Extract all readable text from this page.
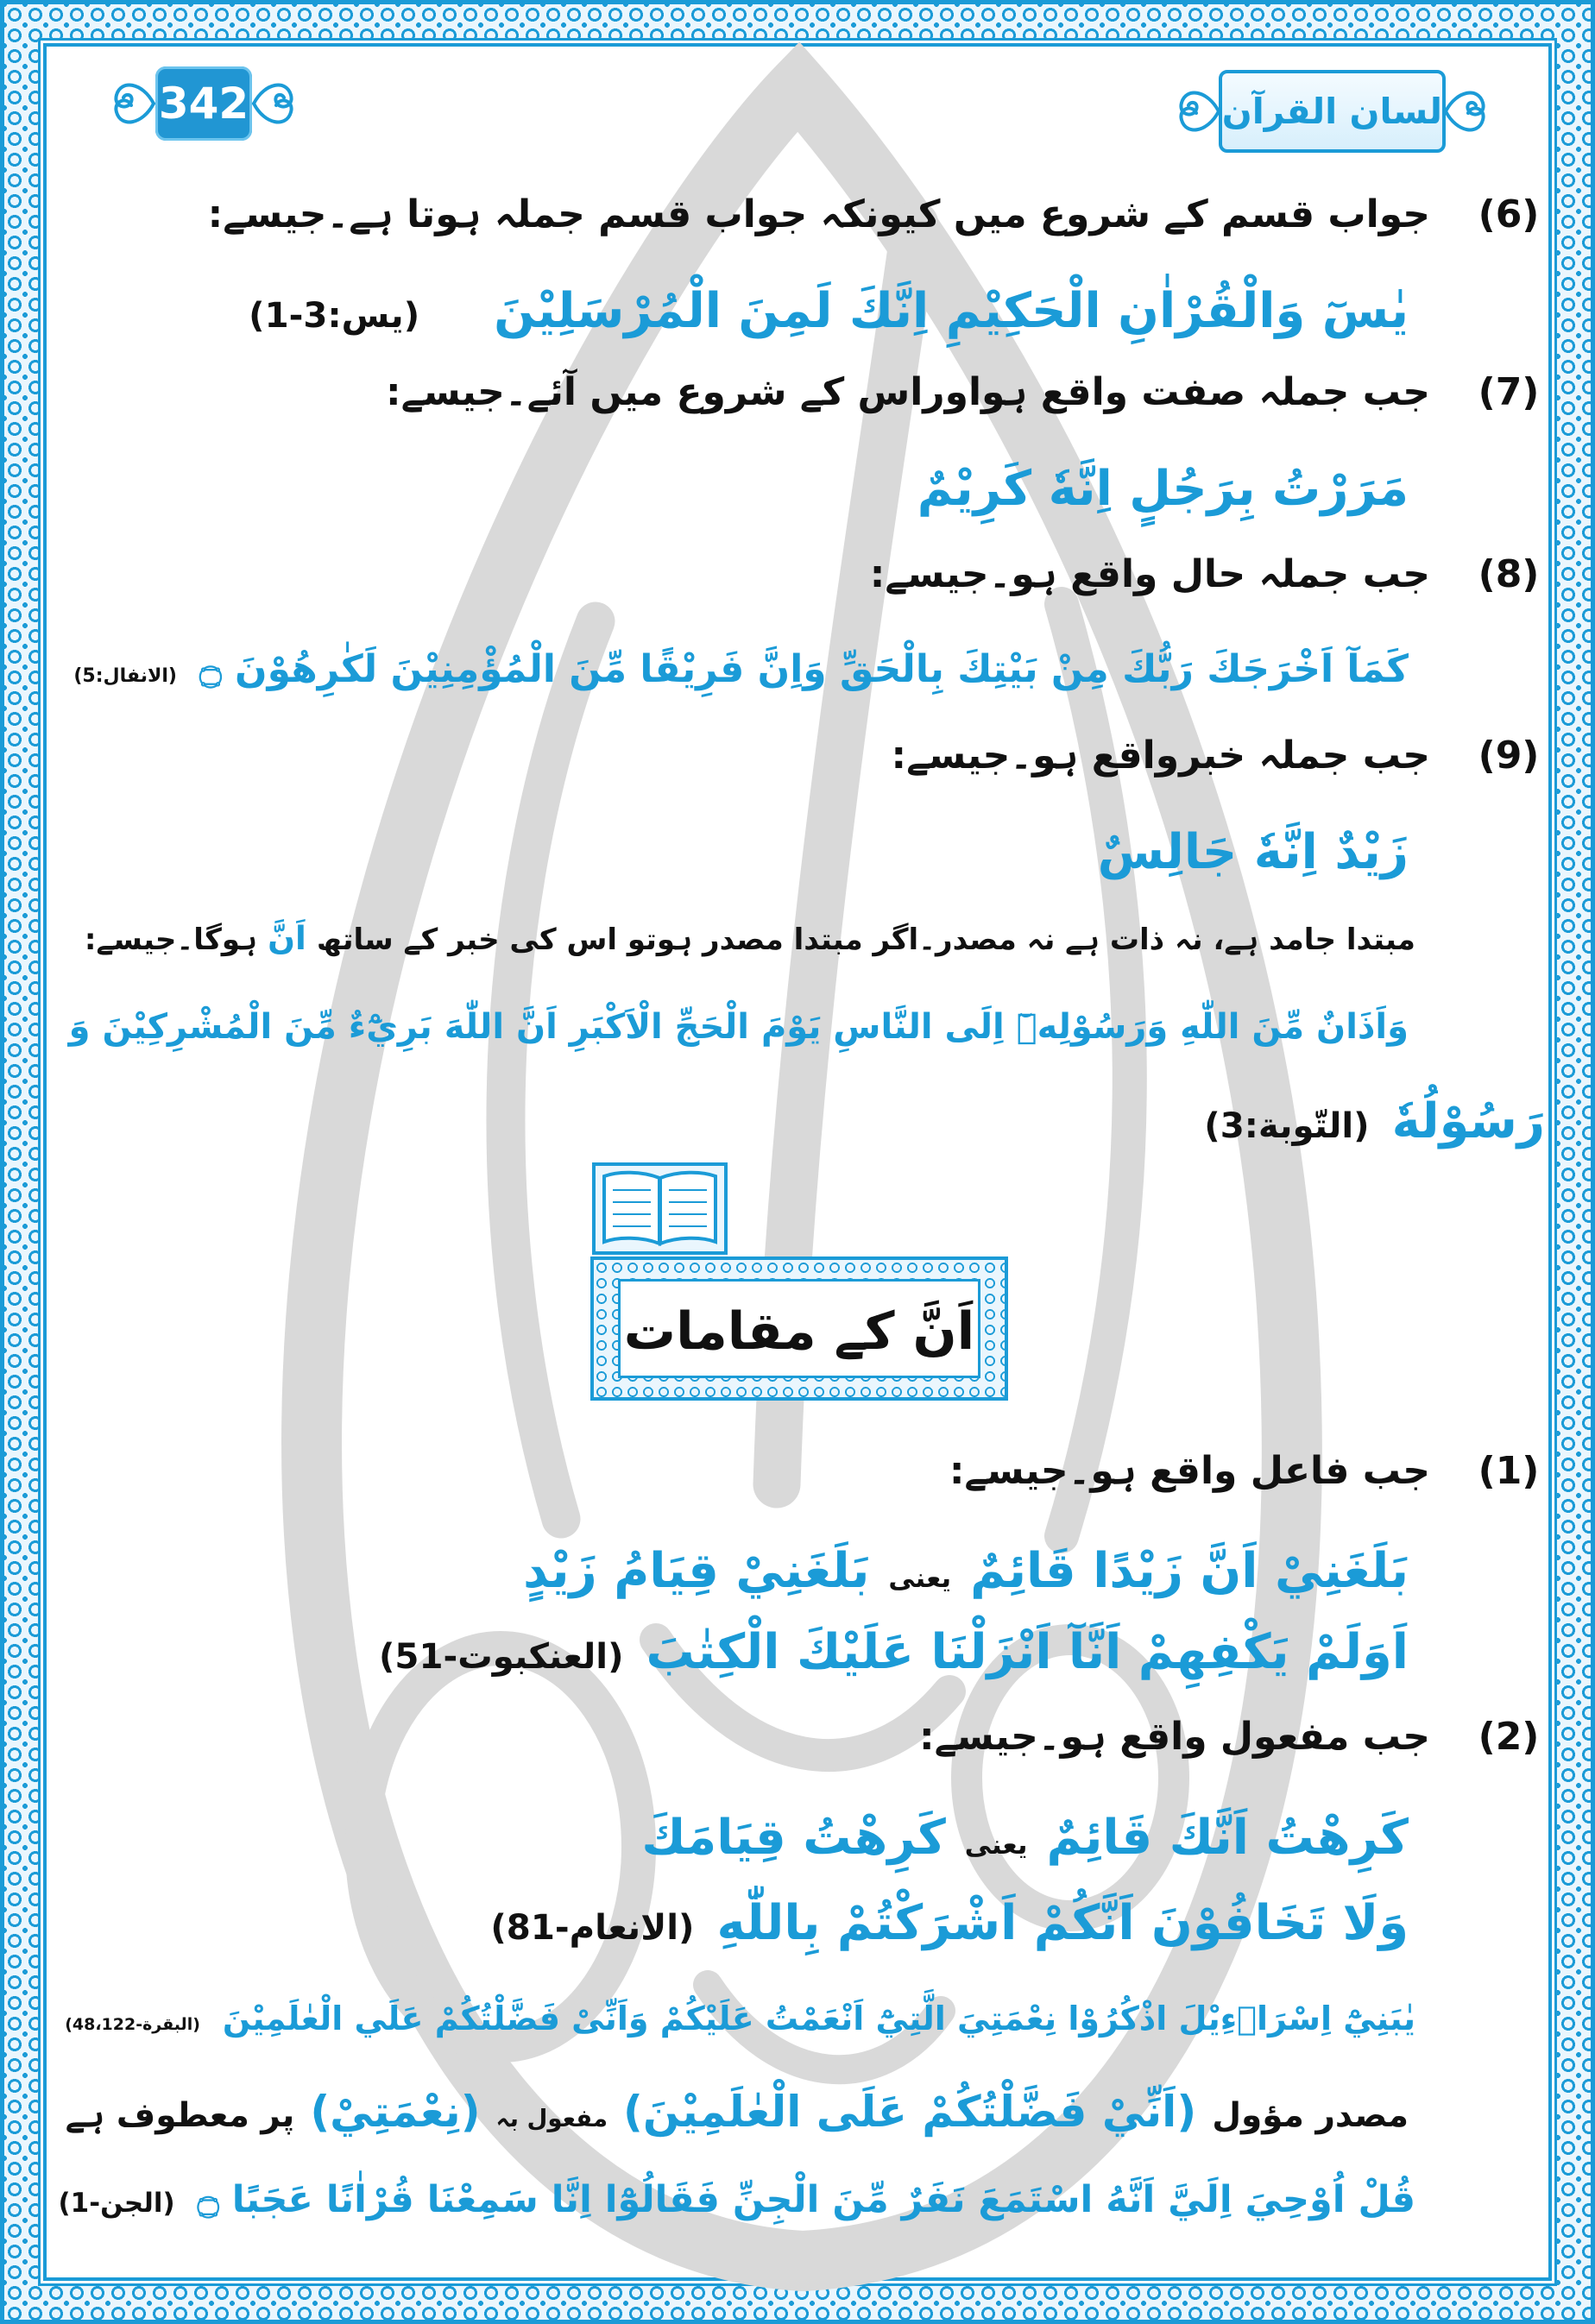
342	لسان القرآن
(6)
جواب قسم کے شروع میں کیونکہ جواب قسم جملہ ہوتا ہے۔جیسے:
يٰسٓ وَالْقُرْاٰنِ الْحَكِيْمِ اِنَّكَ لَمِنَ الْمُرْسَلِيْنَ
(یس:3-1)
(7)
جب جملہ صفت واقع ہواوراس کے شروع میں آئے۔جیسے:
مَرَرْتُ بِرَجُلٍ اِنَّهٗ كَرِيْمٌ
(8)
جب جملہ حال واقع ہو۔جیسے:
كَمَآ اَخْرَجَكَ رَبُّكَ مِنْ بَيْتِكَ بِالْحَقِّ وَاِنَّ فَرِيْقًا مِّنَ الْمُؤْمِنِيْنَ لَكٰرِهُوْنَ ۝
(الانفال:5)
(9)
جب جملہ خبرواقع ہو۔جیسے:
زَيْدٌ اِنَّهٗ جَالِسٌ
مبتدا جامد ہے، نہ ذات ہے نہ مصدر۔اگر مبتدا مصدر ہوتو اس کی خبر کے ساتھ
اَنَّ
ہوگا۔جیسے:
وَاَذَانٌ مِّنَ اللّٰهِ وَرَسُوْلِهٖٓ اِلَى النَّاسِ يَوْمَ الْحَجِّ الْاَكْبَرِ اَنَّ اللّٰهَ بَرِيْٓءٌ مِّنَ الْمُشْرِكِيْنَ وَ
رَسُوْلُهٗ
(التّوبة:3)
اَنَّ کے مقامات
(1)
جب فاعل واقع ہو۔جیسے:
بَلَغَنِيْ اَنَّ زَيْدًا قَائِمٌ
یعنی
بَلَغَنِيْ قِيَامُ زَيْدٍ
اَوَلَمْ يَكْفِهِمْ اَنَّآ اَنْزَلْنَا عَلَيْكَ الْكِتٰبَ
(العنکبوت-51)
(2)
جب مفعول واقع ہو۔جیسے:
كَرِهْتُ اَنَّكَ قَائِمٌ
یعنی
كَرِهْتُ قِيَامَكَ
وَلَا تَخَافُوْنَ اَنَّكُمْ اَشْرَكْتُمْ بِاللّٰهِ
(الانعام-81)
يٰبَنِيْٓ اِسْرَاۗءِيْلَ اذْكُرُوْا نِعْمَتِيَ الَّتِيْٓ اَنْعَمْتُ عَلَيْكُمْ وَاَنِّىْ فَضَّلْتُكُمْ عَلَي الْعٰلَمِيْنَ
(البقرة-48،122)
مصدر مؤول
(اَنِّيْ فَضَّلْتُكُمْ عَلَى الْعٰلَمِيْنَ)
مفعول بہ
(نِعْمَتِيْ)
پر معطوف ہے
قُلْ اُوْحِيَ اِلَيَّ اَنَّهُ اسْتَمَعَ نَفَرٌ مِّنَ الْجِنِّ فَقَالُوْٓا اِنَّا سَمِعْنَا قُرْاٰنًا عَجَبًا ۝
(الجن-1)
